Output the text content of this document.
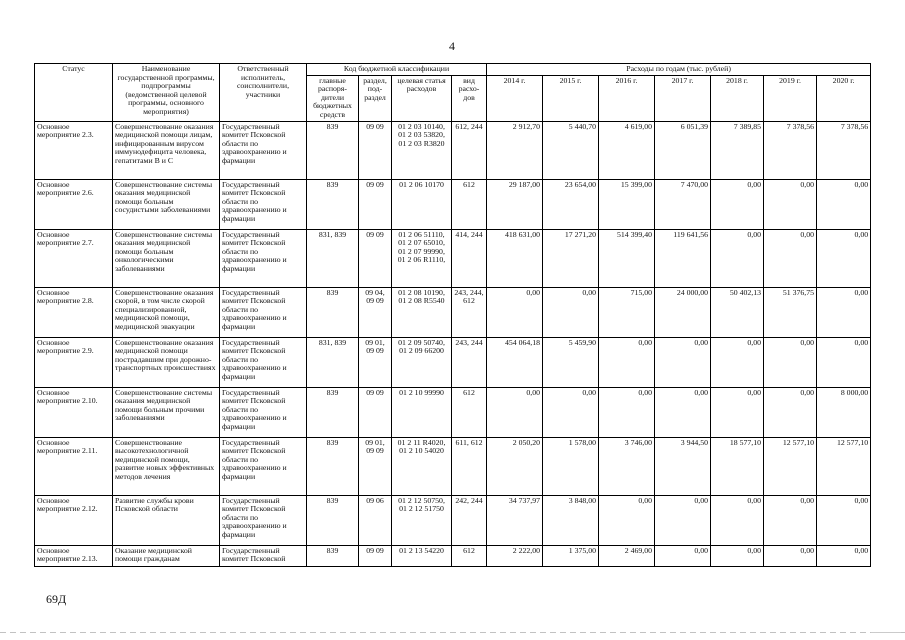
4
Статус	Наименование государственной программы, подпрограммы (ведомственной целевой программы, основного мероприятия)	Ответственный исполнитель, соисполнители, участники	Код бюджетной классификации				Расходы по годам (тыс. рублей)						
			главные распоря-дители бюджетных средств	раздел, под-раздел	целевая статья расходов	вид расхо-дов	2014 г.	2015 г.	2016 г.	2017 г.	2018 г.	2019 г.	2020 г.
Основное мероприятие 2.3.	Совершенствование оказания медицинской помощи лицам, инфицированным вирусом иммунодефицита человека, гепатитами B и C	Государственный комитет Псковской области по здравоохранению и фармации	839	09 09	01 2 03 10140, 01 2 03 53820, 01 2 03 R3820	612, 244	2 912,70	5 440,70	4 619,00	6 051,39	7 389,85	7 378,56	7 378,56
Основное мероприятие 2.6.	Совершенствование системы оказания медицинской помощи больным сосудистыми заболеваниями	Государственный комитет Псковской области по здравоохранению и фармации	839	09 09	01 2 06 10170	612	29 187,00	23 654,00	15 399,00	7 470,00	0,00	0,00	0,00
Основное мероприятие 2.7.	Совершенствование системы оказания медицинской помощи больным онкологическими заболеваниями	Государственный комитет Псковской области по здравоохранению и фармации	831, 839	09 09	01 2 06 51110, 01 2 07 65010, 01 2 07 99990, 01 2 06 R1110,	414, 244	418 631,00	17 271,20	514 399,40	119 641,56	0,00	0,00	0,00
Основное мероприятие 2.8.	Совершенствование оказания скорой, в том числе скорой специализированной, медицинской помощи, медицинской эвакуации	Государственный комитет Псковской области по здравоохранению и фармации	839	09 04, 09 09	01 2 08 10190, 01 2 08 R5540	243, 244, 612	0,00	0,00	715,00	24 000,00	50 402,13	51 376,75	0,00
Основное мероприятие 2.9.	Совершенствование оказания медицинской помощи пострадавшим при дорожно-транспортных происшествиях	Государственный комитет Псковской области по здравоохранению и фармации	831, 839	09 01, 09 09	01 2 09 50740, 01 2 09 66200	243, 244	454 064,18	5 459,90	0,00	0,00	0,00	0,00	0,00
Основное мероприятие 2.10.	Совершенствование системы оказания медицинской помощи больным прочими заболеваниями	Государственный комитет Псковской области по здравоохранению и фармации	839	09 09	01 2 10 99990	612	0,00	0,00	0,00	0,00	0,00	0,00	8 000,00
Основное мероприятие 2.11.	Совершенствование высокотехнологичной медицинской помощи, развитие новых эффективных методов лечения	Государственный комитет Псковской области по здравоохранению и фармации	839	09 01, 09 09	01 2 11 R4020, 01 2 10 54020	611, 612	2 050,20	1 578,00	3 746,00	3 944,50	18 577,10	12 577,10	12 577,10
Основное мероприятие 2.12.	Развитие службы крови Псковской области	Государственный комитет Псковской области по здравоохранению и фармации	839	09 06	01 2 12 50750, 01 2 12 51750	242, 244	34 737,97	3 848,00	0,00	0,00	0,00	0,00	0,00
Основное мероприятие 2.13.	Оказание медицинской помощи гражданам	Государственный комитет Псковской	839	09 09	01 2 13 54220	612	2 222,00	1 375,00	2 469,00	0,00	0,00	0,00	0,00
69Д
